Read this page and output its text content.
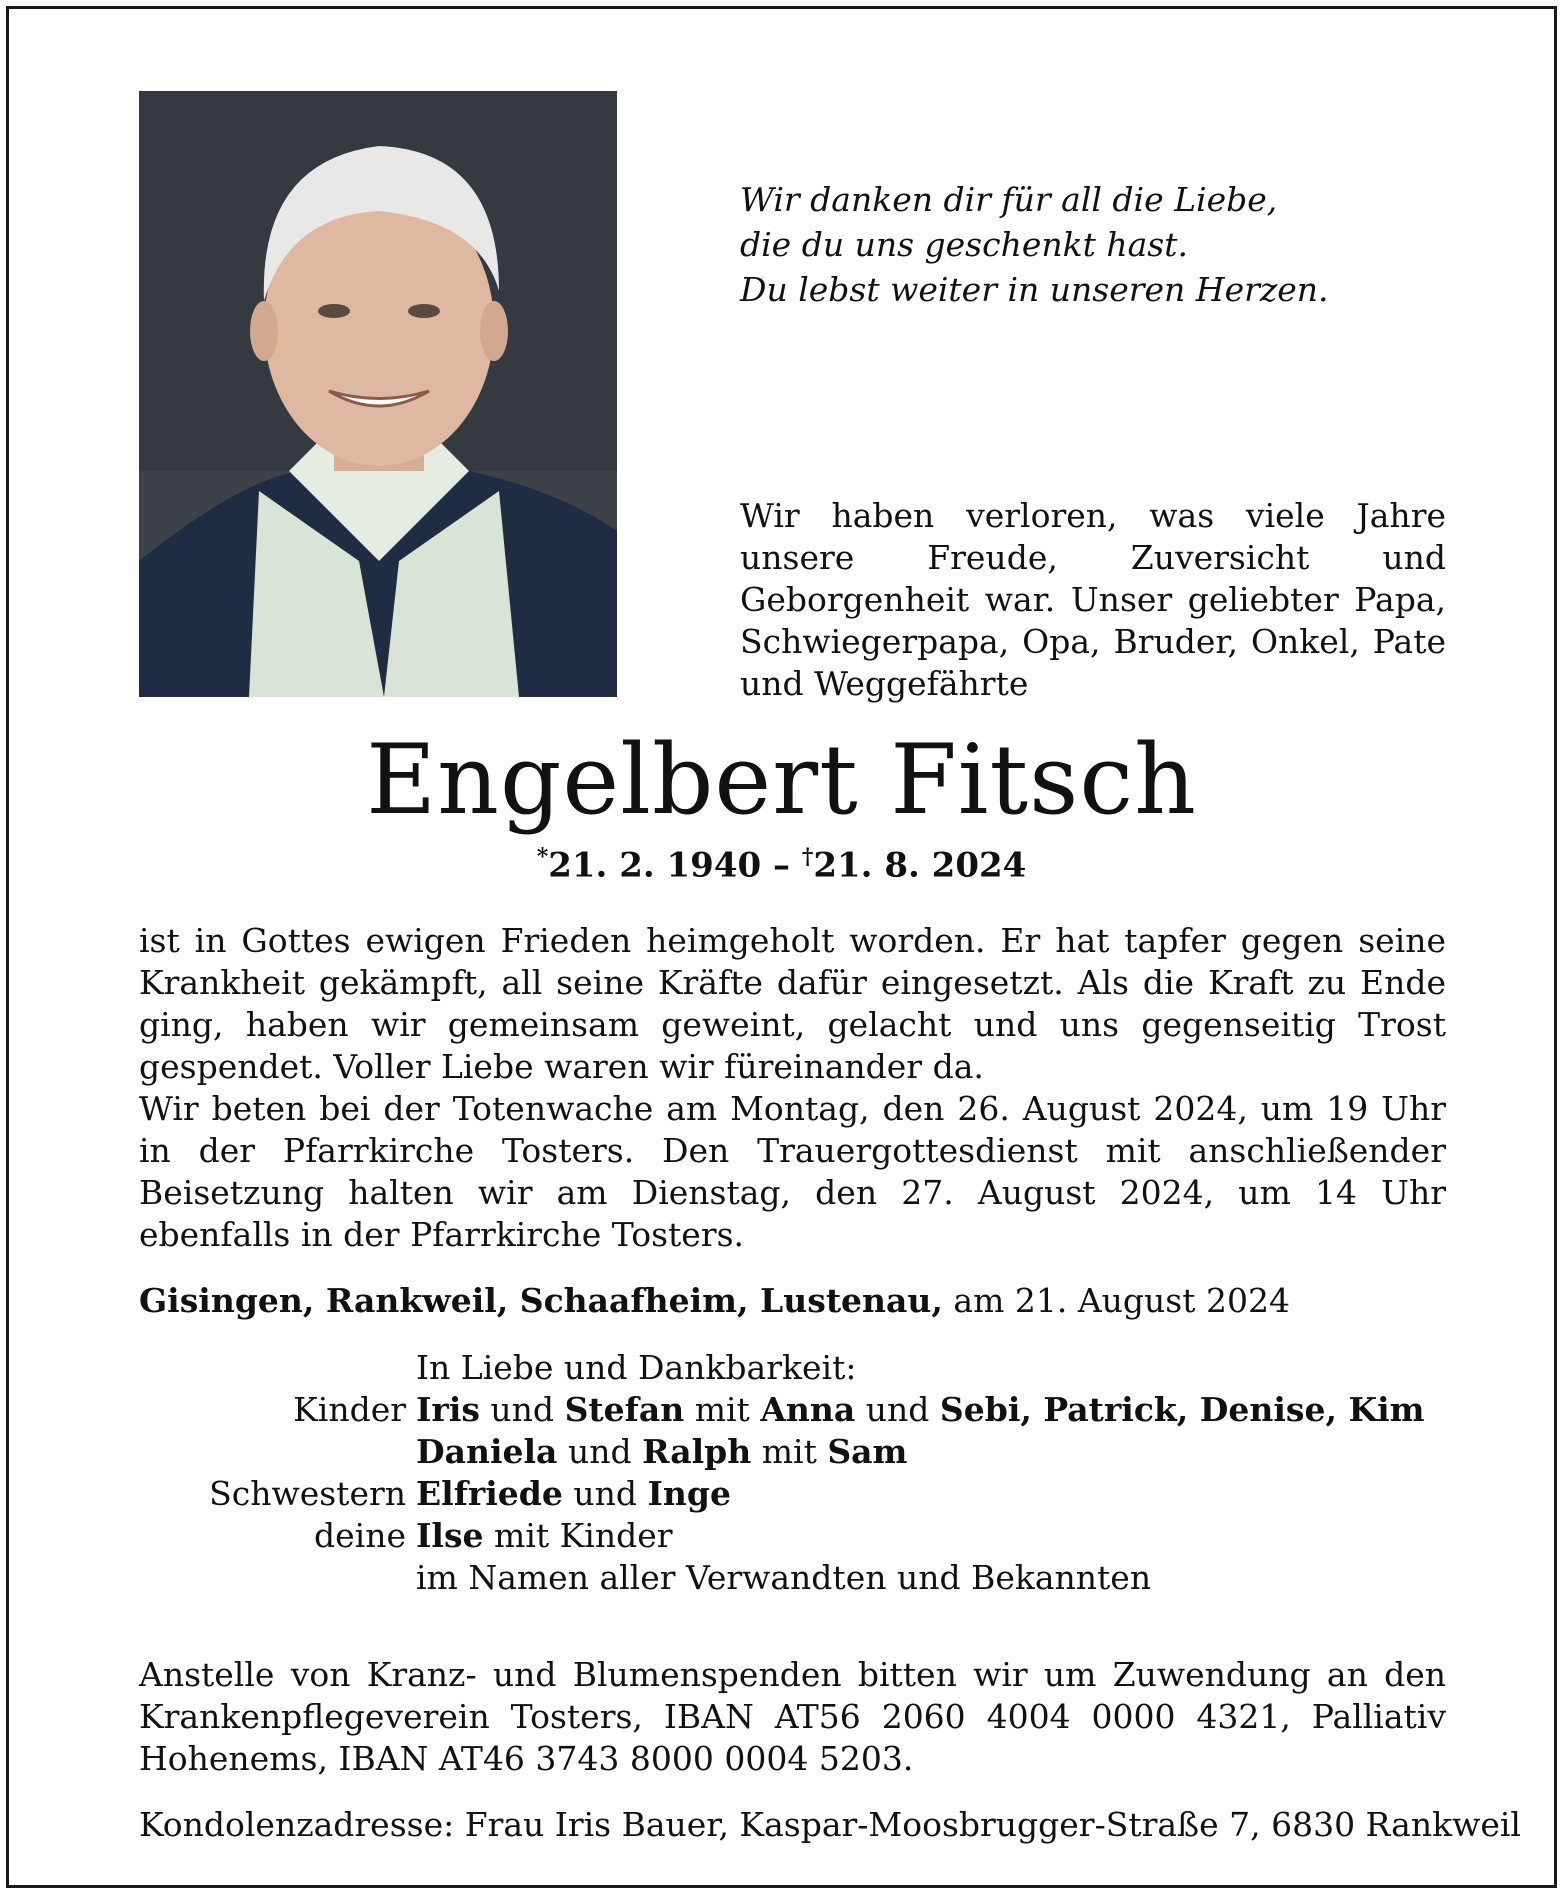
Wir danken dir für all die Liebe,
die du uns geschenkt hast.
Du lebst weiter in unseren Herzen.
Wir haben verloren, was viele Jahre unsere Freude, Zuversicht und Geborgenheit war. Unser geliebter Papa, Schwiegerpapa, Opa, Bruder, Onkel, Pate und Weggefährte
Engelbert Fitsch
*21. 2. 1940 – †21. 8. 2024

ist in Gottes ewigen Frieden heimgeholt worden. Er hat tapfer gegen seine Krankheit gekämpft, all seine Kräfte dafür eingesetzt. Als die Kraft zu Ende ging, haben wir gemeinsam geweint, gelacht und uns gegenseitig Trost gespendet. Voller Liebe waren wir füreinander da.

Wir beten bei der Totenwache am Montag, den 26. August 2024, um 19 Uhr in der Pfarrkirche Tosters. Den Trauergottesdienst mit anschließender Beisetzung halten wir am Dienstag, den 27. August 2024, um 14 Uhr ebenfalls in der Pfarrkirche Tosters.

Gisingen, Rankweil, Schaafheim, Lustenau, am 21. August 2024
In Liebe und Dankbarkeit:
Kinder Iris und Stefan mit Anna und Sebi, Patrick, Denise, Kim
Daniela und Ralph mit Sam
Schwestern Elfriede und Inge
deine Ilse mit Kinder
im Namen aller Verwandten und Bekannten
Anstelle von Kranz- und Blumenspenden bitten wir um Zuwendung an den Krankenpflegeverein Tosters, IBAN AT56 2060 4004 0000 4321, Palliativ Hohenems, IBAN AT46 3743 8000 0004 5203.
Kondolenzadresse: Frau Iris Bauer, Kaspar-Moosbrugger-Straße 7, 6830 Rankweil
